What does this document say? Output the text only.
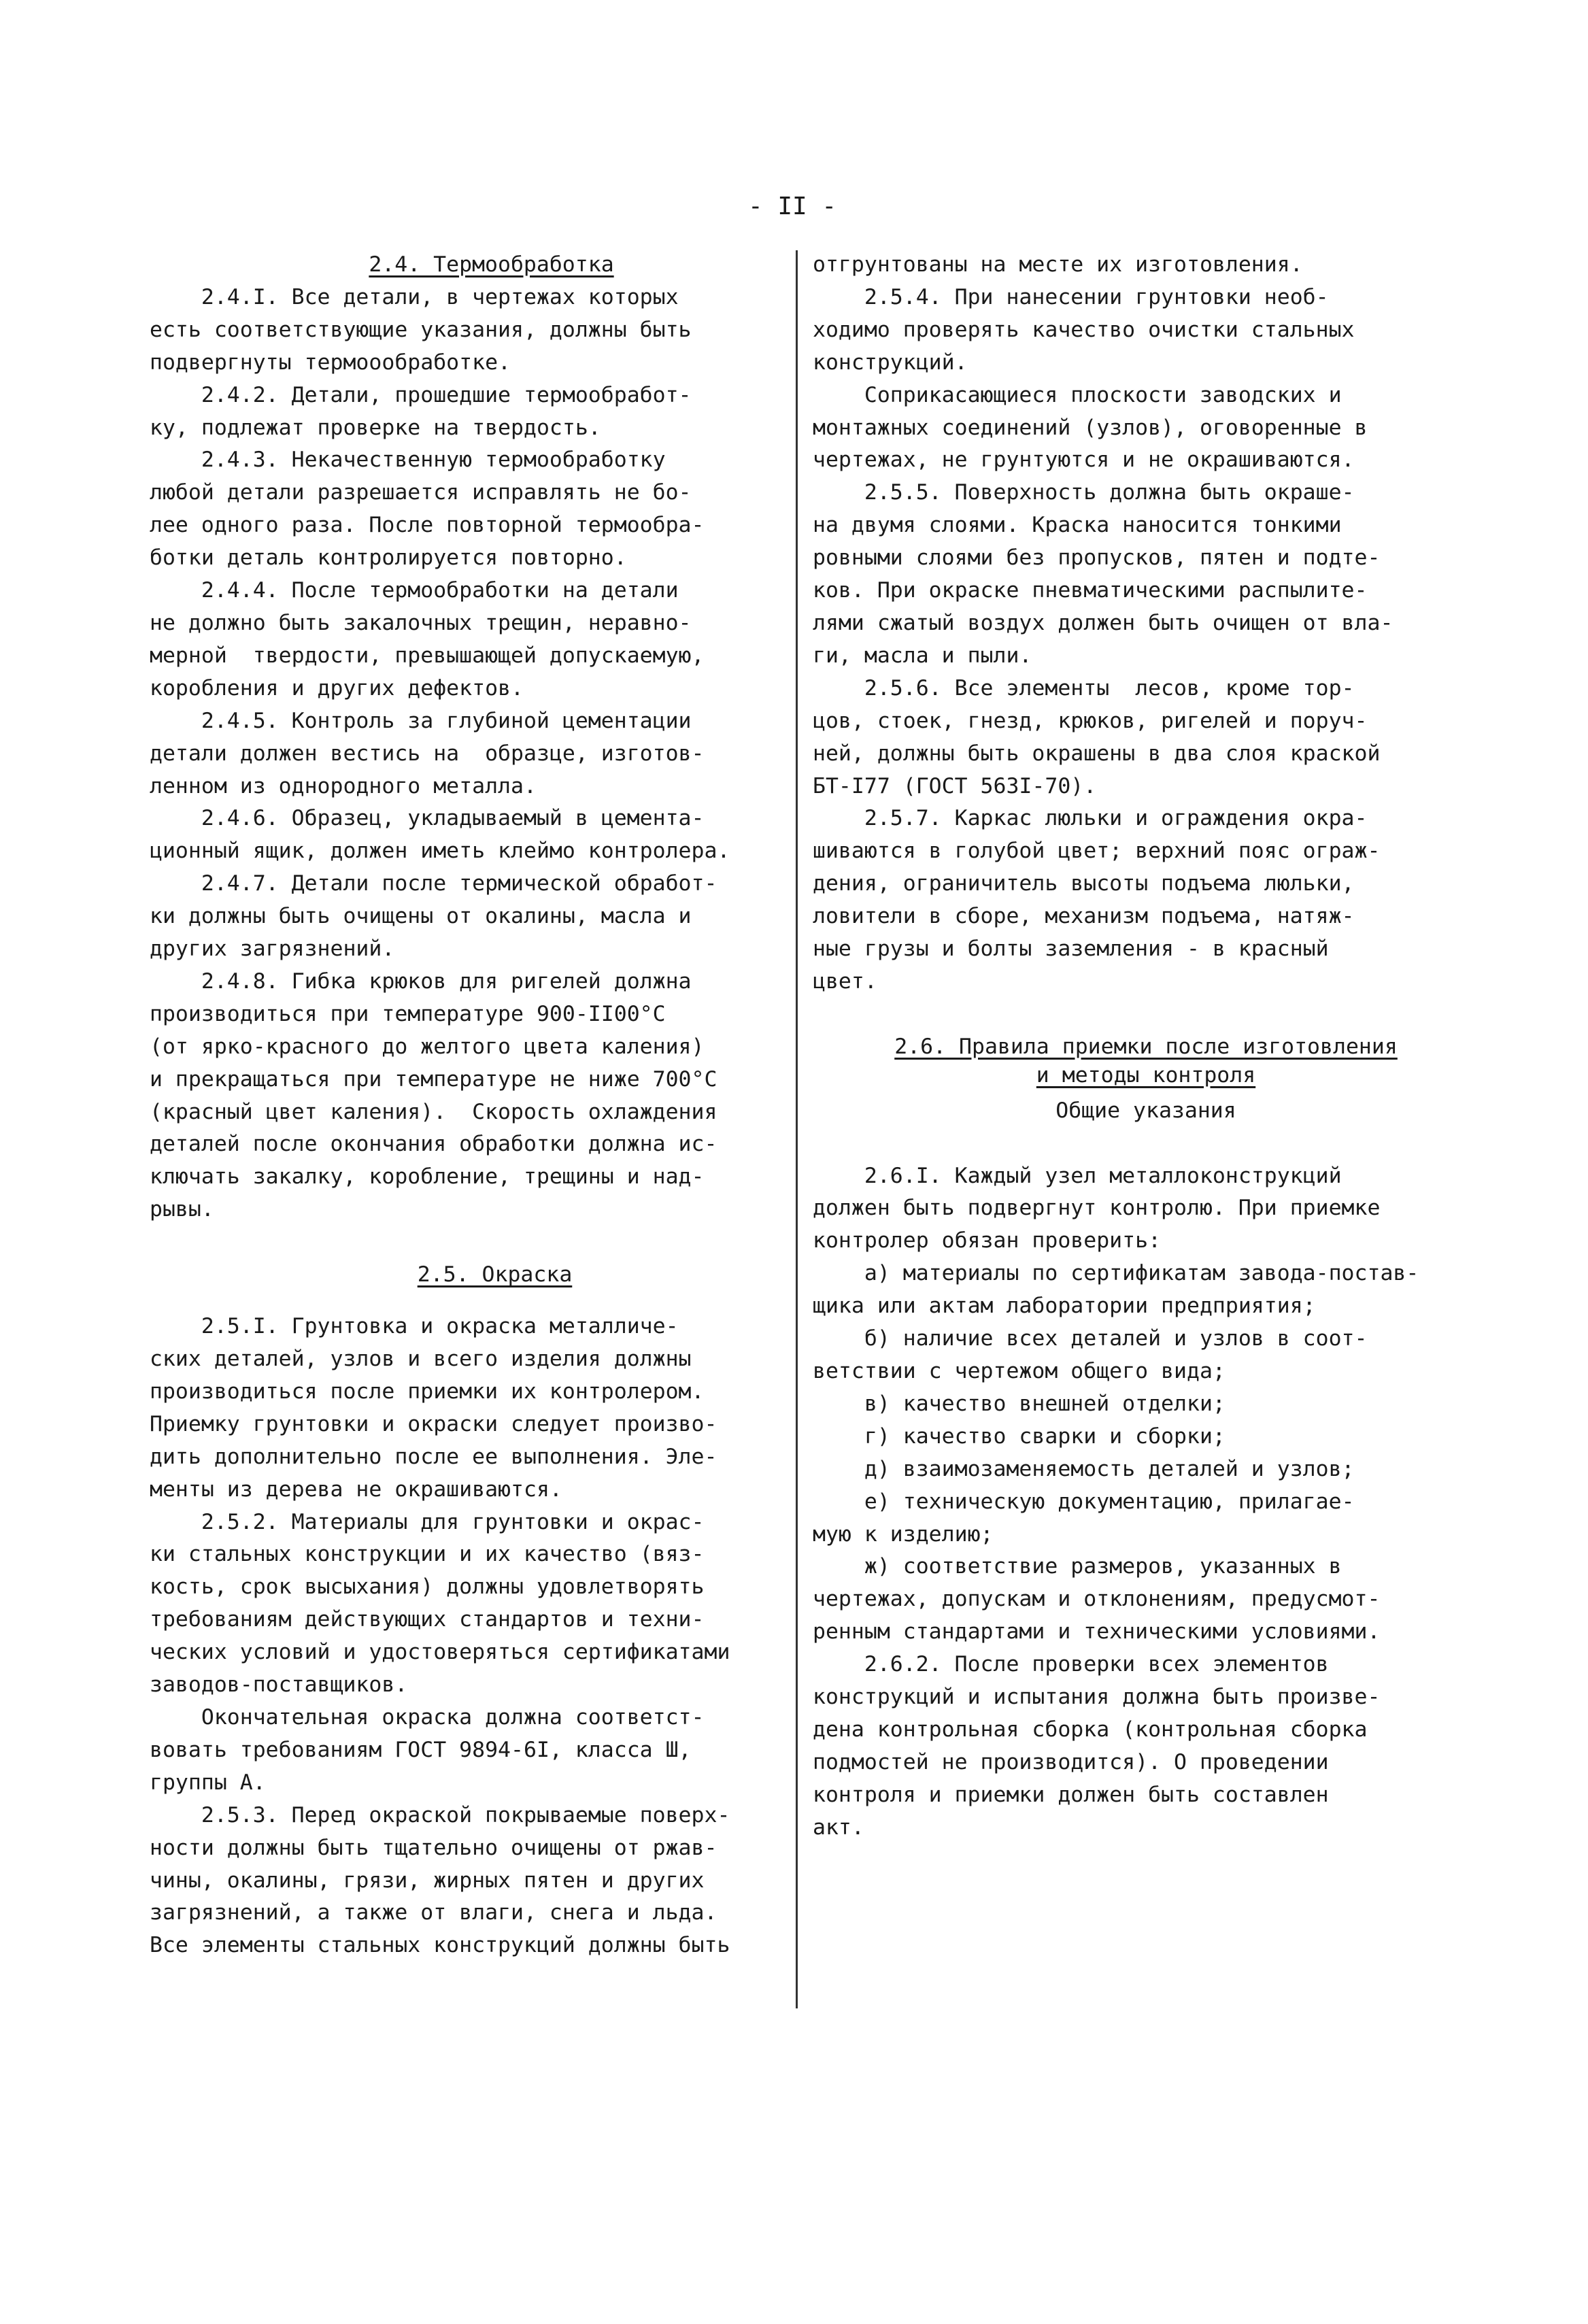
- II -
2.4. Термообработка
2.4.I. Все детали, в чертежах которых
есть соответствующие указания, должны быть
подвергнуты термоообработке.
2.4.2. Детали, прошедшие термообработ-
ку, подлежат проверке на твердость.
2.4.3. Некачественную термообработку
любой детали разрешается исправлять не бо-
лее одного раза. После повторной термообра-
ботки деталь контролируется повторно.
2.4.4. После термообработки на детали
не должно быть закалочных трещин, неравно-
мерной  твердости, превышающей допускаемую,
коробления и других дефектов.
2.4.5. Контроль за глубиной цементации
детали должен вестись на  образце, изготов-
ленном из однородного металла.
2.4.6. Образец, укладываемый в цемента-
ционный ящик, должен иметь клеймо контролера.
2.4.7. Детали после термической обработ-
ки должны быть очищены от окалины, масла и
других загрязнений.
2.4.8. Гибка крюков для ригелей должна
производиться при температуре 900-II00°C
(от ярко-красного до желтого цвета каления)
и прекращаться при температуре не ниже 700°C
(красный цвет каления).  Скорость охлаждения
деталей после окончания обработки должна ис-
ключать закалку, коробление, трещины и над-
рывы.
2.5. Окраска
2.5.I. Грунтовка и окраска металличе-
ских деталей, узлов и всего изделия должны
производиться после приемки их контролером.
Приемку грунтовки и окраски следует произво-
дить дополнительно после ее выполнения. Эле-
менты из дерева не окрашиваются.
2.5.2. Материалы для грунтовки и окрас-
ки стальных конструкции и их качество (вяз-
кость, срок высыхания) должны удовлетворять
требованиям действующих стандартов и техни-
ческих условий и удостоверяться сертификатами
заводов-поставщиков.
Окончательная окраска должна соответст-
вовать требованиям ГОСТ 9894-6I, класса Ш,
группы А.
2.5.3. Перед окраской покрываемые поверх-
ности должны быть тщательно очищены от ржав-
чины, окалины, грязи, жирных пятен и других
загрязнений, а также от влаги, снега и льда.
Все элементы стальных конструкций должны быть
отгрунтованы на месте их изготовления.
2.5.4. При нанесении грунтовки необ-
ходимо проверять качество очистки стальных
конструкций.
Соприкасающиеся плоскости заводских и
монтажных соединений (узлов), оговоренные в
чертежах, не грунтуются и не окрашиваются.
2.5.5. Поверхность должна быть окраше-
на двумя слоями. Краска наносится тонкими
ровными слоями без пропусков, пятен и подте-
ков. При окраске пневматическими распылите-
лями сжатый воздух должен быть очищен от вла-
ги, масла и пыли.
2.5.6. Все элементы  лесов, кроме тор-
цов, стоек, гнезд, крюков, ригелей и поруч-
ней, должны быть окрашены в два слоя краской
БТ-I77 (ГОСТ 563I-70).
2.5.7. Каркас люльки и ограждения окра-
шиваются в голубой цвет; верхний пояс ограж-
дения, ограничитель высоты подъема люльки,
ловители в сборе, механизм подъема, натяж-
ные грузы и болты заземления - в красный
цвет.
2.6. Правила приемки после изготовления
и методы контроля
Общие указания
2.6.I. Каждый узел металлоконструкций
должен быть подвергнут контролю. При приемке
контролер обязан проверить:
а) материалы по сертификатам завода-постав-
щика или актам лаборатории предприятия;
б) наличие всех деталей и узлов в соот-
ветствии с чертежом общего вида;
в) качество внешней отделки;
г) качество сварки и сборки;
д) взаимозаменяемость деталей и узлов;
е) техническую документацию, прилагае-
мую к изделию;
ж) соответствие размеров, указанных в
чертежах, допускам и отклонениям, предусмот-
ренным стандартами и техническими условиями.
2.6.2. После проверки всех элементов
конструкций и испытания должна быть произве-
дена контрольная сборка (контрольная сборка
подмостей не производится). О проведении
контроля и приемки должен быть составлен
акт.
